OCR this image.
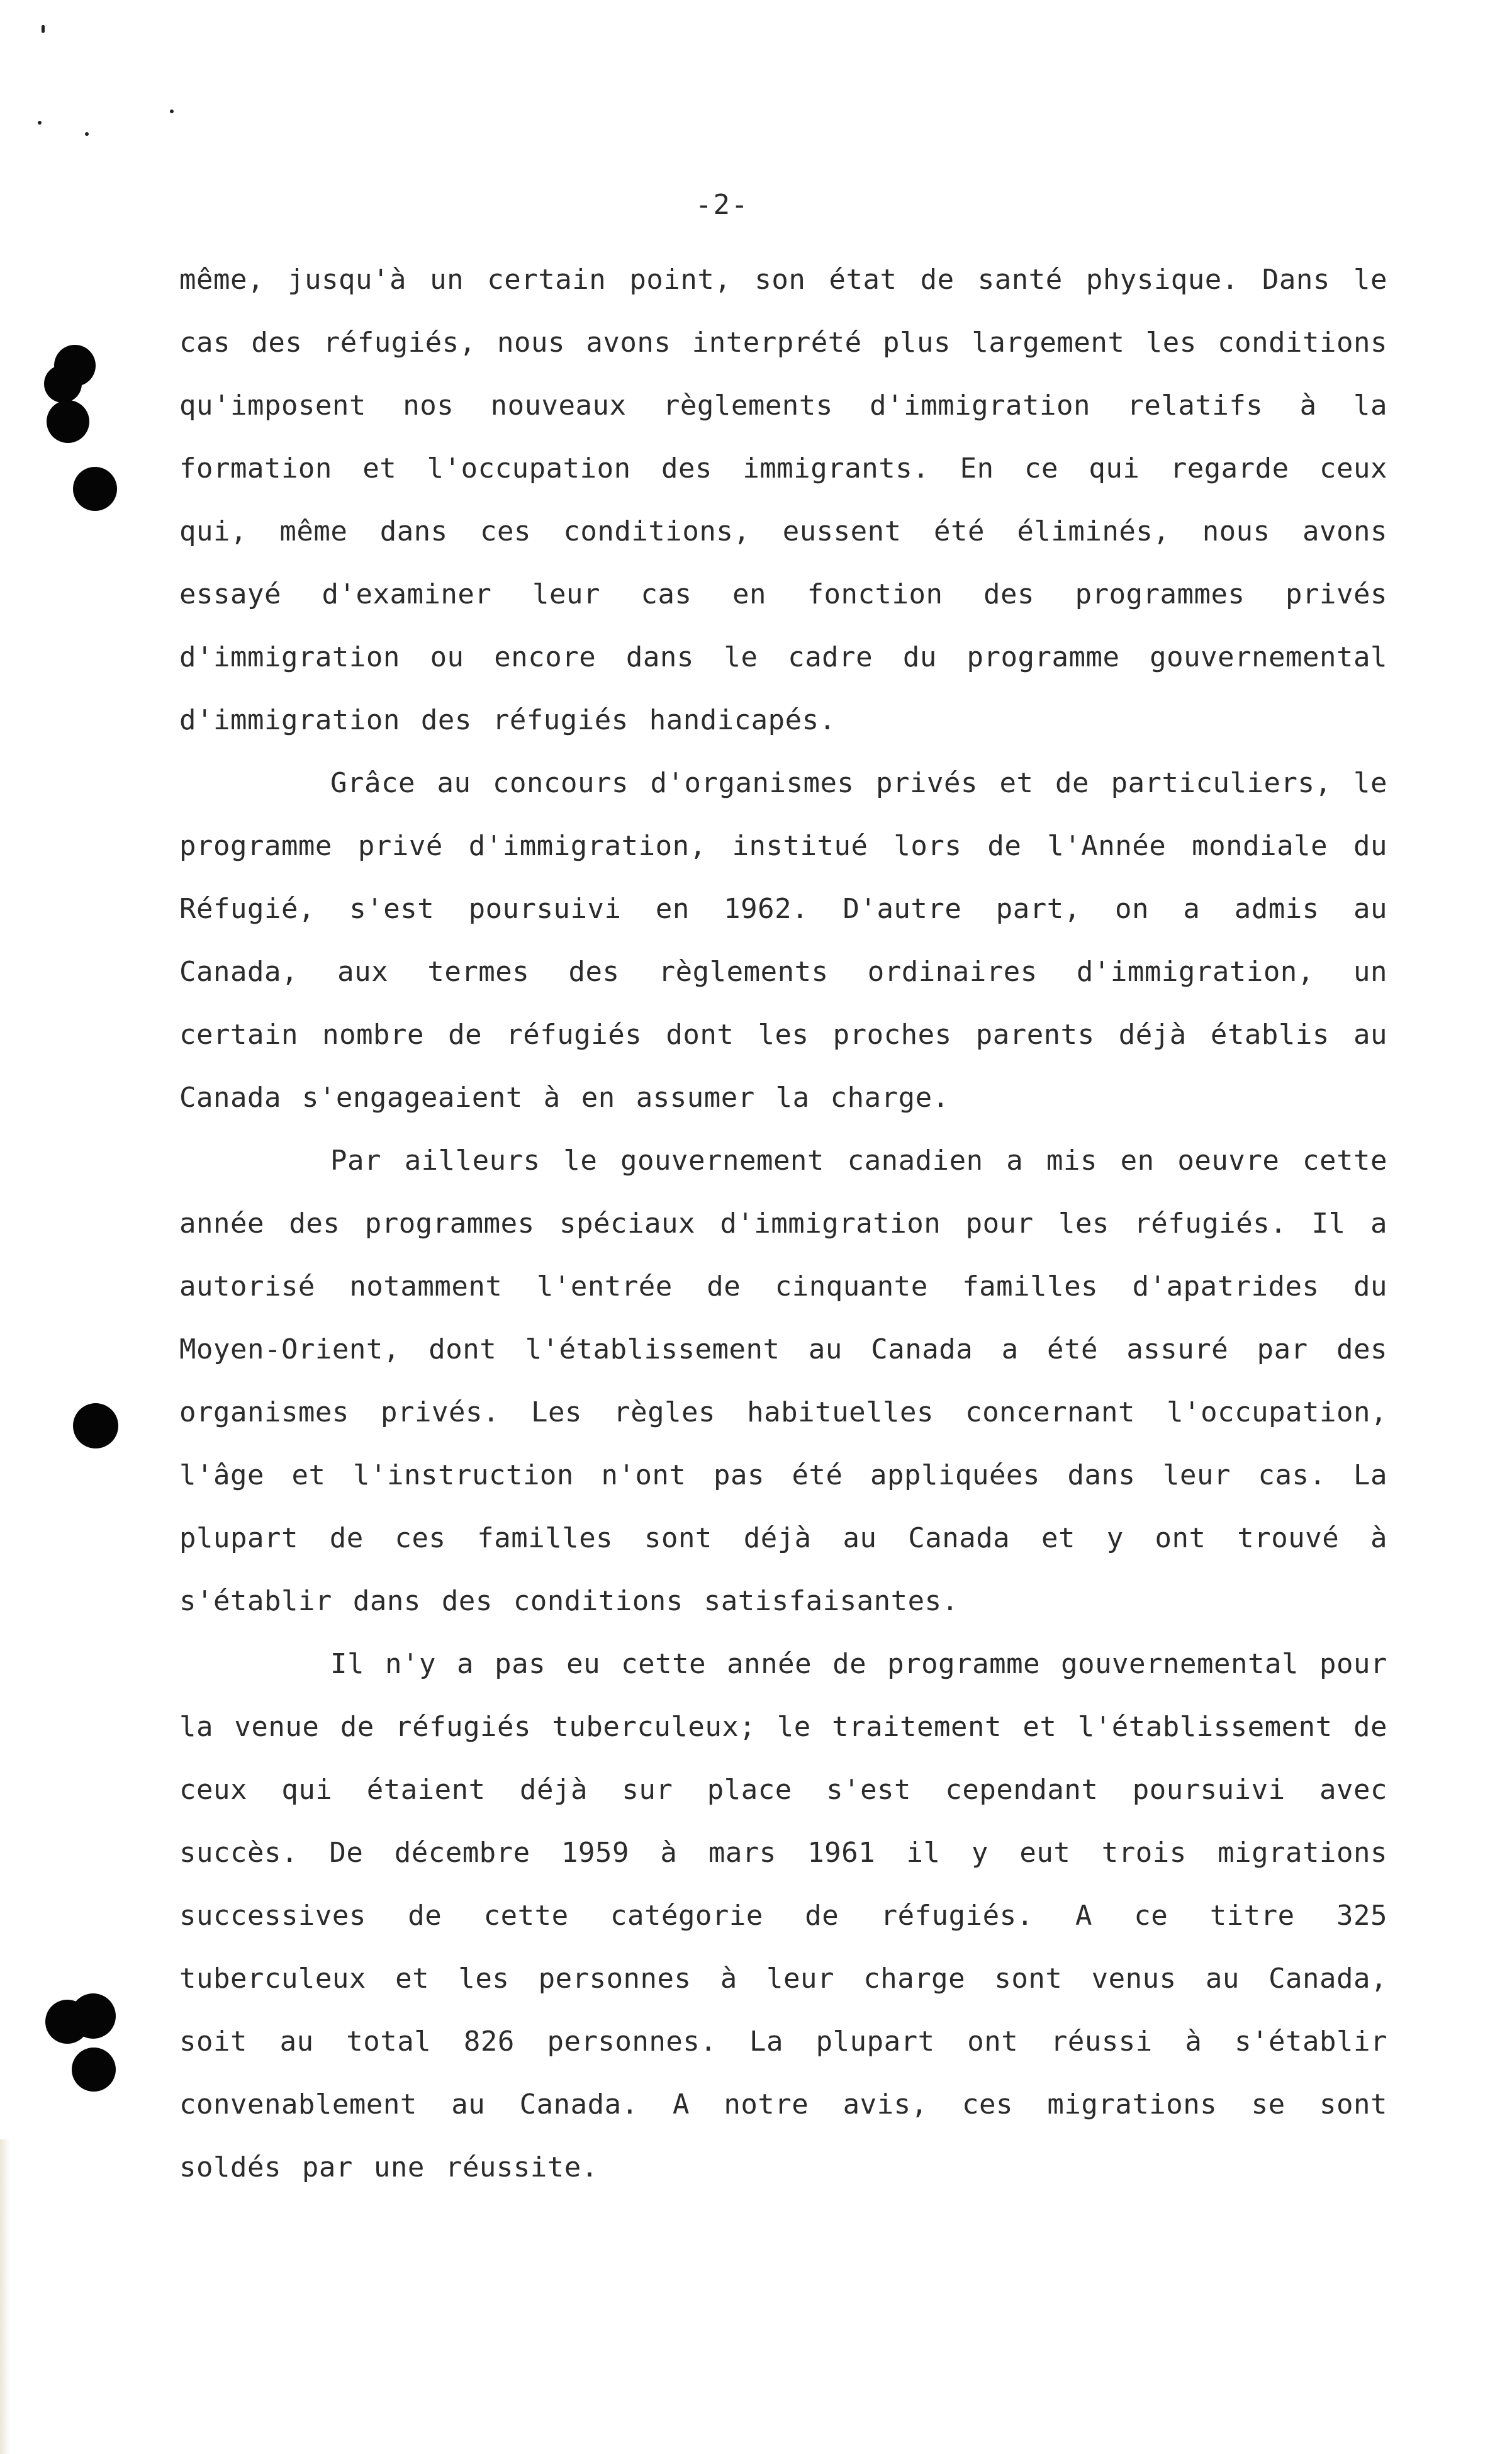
-2-

même, jusqu'à un certain point, son état de santé physique. Dans le cas des réfugiés, nous avons interprété plus largement les conditions qu'imposent nos nouveaux règlements d'immigration relatifs à la formation et l'occupation des immigrants. En ce qui regarde ceux qui, même dans ces conditions, eussent été éliminés, nous avons essayé d'examiner leur cas en fonction des programmes privés d'immigration ou encore dans le cadre du programme gouvernemental d'immigration des réfugiés handicapés.

Grâce au concours d'organismes privés et de particuliers, le programme privé d'immigration, institué lors de l'Année mondiale du Réfugié, s'est poursuivi en 1962. D'autre part, on a admis au Canada, aux termes des règlements ordinaires d'immigration, un certain nombre de réfugiés dont les proches parents déjà établis au Canada s'engageaient à en assumer la charge.

Par ailleurs le gouvernement canadien a mis en oeuvre cette année des programmes spéciaux d'immigration pour les réfugiés. Il a autorisé notamment l'entrée de cinquante familles d'apatrides du Moyen-Orient, dont l'établissement au Canada a été assuré par des organismes privés. Les règles habituelles concernant l'occupation, l'âge et l'instruction n'ont pas été appliquées dans leur cas. La plupart de ces familles sont déjà au Canada et y ont trouvé à s'établir dans des conditions satisfaisantes.

Il n'y a pas eu cette année de programme gouvernemental pour la venue de réfugiés tuberculeux; le traitement et l'établissement de ceux qui étaient déjà sur place s'est cependant poursuivi avec succès. De décembre 1959 à mars 1961 il y eut trois migrations successives de cette catégorie de réfugiés. A ce titre 325 tuberculeux et les personnes à leur charge sont venus au Canada, soit au total 826 personnes. La plupart ont réussi à s'établir convenablement au Canada. A notre avis, ces migrations se sont soldés par une réussite.
